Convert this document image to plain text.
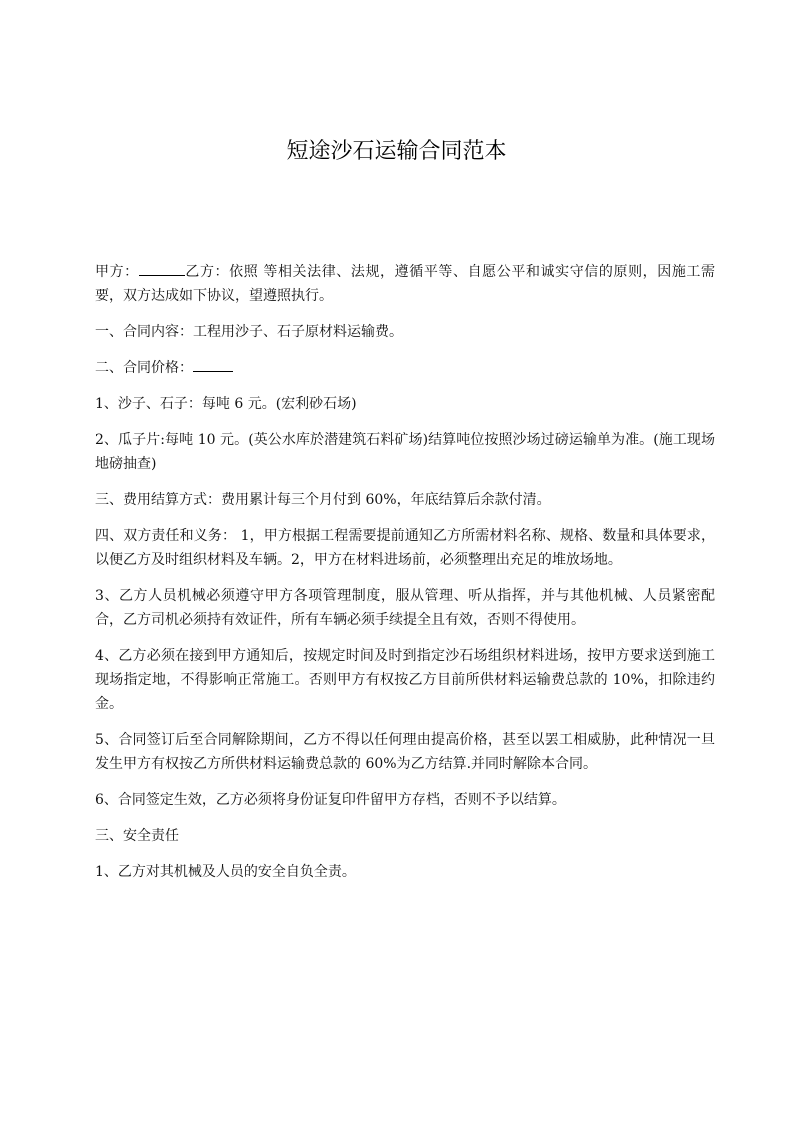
短途沙石运输合同范本

甲方：	乙方：依照 等相关法律、法规，遵循平等、自愿公平和诚实守信的原则，因施工需要，双方达成如下协议，望遵照执行。

一、合同内容：工程用沙子、石子原材料运输费。

二、合同价格：

1、沙子、石子：每吨 6 元。(宏利砂石场)

2、瓜子片:每吨 10 元。(英公水库於潜建筑石料矿场)结算吨位按照沙场过磅运输单为准。(施工现场地磅抽查)

三、费用结算方式：费用累计每三个月付到 60%，年底结算后余款付清。

四、双方责任和义务： 1，甲方根据工程需要提前通知乙方所需材料名称、规格、数量和具体要求，以便乙方及时组织材料及车辆。2，甲方在材料进场前，必须整理出充足的堆放场地。

3、乙方人员机械必须遵守甲方各项管理制度，服从管理、听从指挥，并与其他机械、人员紧密配合，乙方司机必须持有效证件，所有车辆必须手续提全且有效，否则不得使用。

4、乙方必须在接到甲方通知后，按规定时间及时到指定沙石场组织材料进场，按甲方要求送到施工现场指定地，不得影响正常施工。否则甲方有权按乙方目前所供材料运输费总款的 10%，扣除违约金。

5、合同签订后至合同解除期间，乙方不得以任何理由提高价格，甚至以罢工相威胁，此种情况一旦发生甲方有权按乙方所供材料运输费总款的 60%为乙方结算.并同时解除本合同。

6、合同签定生效，乙方必须将身份证复印件留甲方存档，否则不予以结算。

三、安全责任

1、乙方对其机械及人员的安全自负全责。
